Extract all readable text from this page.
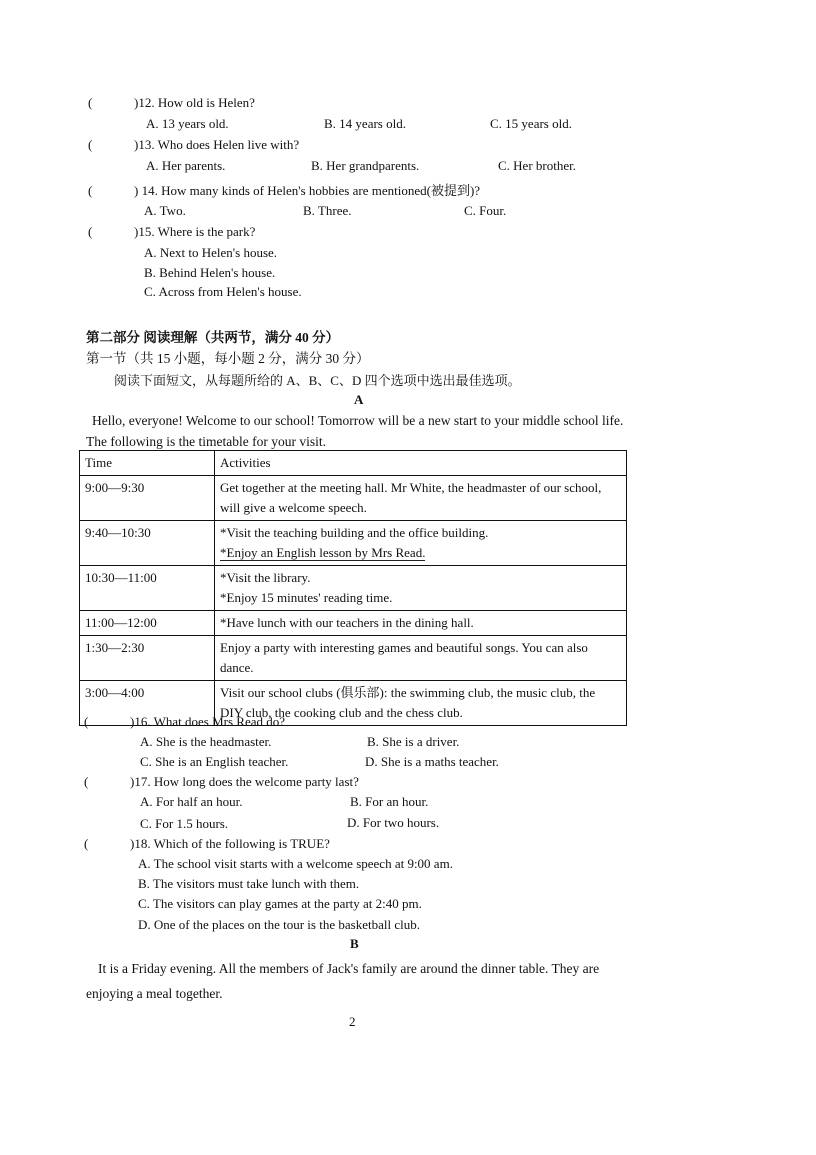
(	)12. How old is Helen?
A. 13 years old.	B. 14 years old.	C. 15 years old.
(	)13. Who does Helen live with?
A. Her parents.	B. Her grandparents.	C. Her brother.
(	) 14. How many kinds of Helen's hobbies are mentioned(被提到)?
A. Two.	B. Three.	C. Four.
(	)15. Where is the park?
A. Next to Helen's house.
B. Behind Helen's house.
C. Across from Helen's house.
第二部分 阅读理解（共两节，满分 40 分）
第一节（共 15 小题，每小题 2 分，满分 30 分）
阅读下面短文，从每题所给的 A、B、C、D 四个选项中选出最佳选项。
A
Hello, everyone! Welcome to our school! Tomorrow will be a new start to your middle school life. The following is the timetable for your visit.
Time	Activities
9:00—9:30	Get together at the meeting hall. Mr White, the headmaster of our school, will give a welcome speech.
9:40—10:30	*Visit the teaching building and the office building.
*Enjoy an English lesson by Mrs Read.

10:30—11:00	*Visit the library.
*Enjoy 15 minutes' reading time.

11:00—12:00	*Have lunch with our teachers in the dining hall.
1:30—2:30	Enjoy a party with interesting games and beautiful songs. You can also dance.
3:00—4:00	Visit our school clubs (俱乐部): the swimming club, the music club, the DIY club, the cooking club and the chess club.
(	)16. What does Mrs Read do?
A. She is the headmaster.	B. She is a driver.
C. She is an English teacher.	D. She is a maths teacher.
(	)17. How long does the welcome party last?
A. For half an hour.	B. For an hour.
C. For 1.5 hours.	D. For two hours.
(	)18. Which of the following is TRUE?
A. The school visit starts with a welcome speech at 9:00 am.
B. The visitors must take lunch with them.
C. The visitors can play games at the party at 2:40 pm.
D. One of the places on the tour is the basketball club.
B
It is a Friday evening. All the members of Jack's family are around the dinner table. They are enjoying a meal together.
2
